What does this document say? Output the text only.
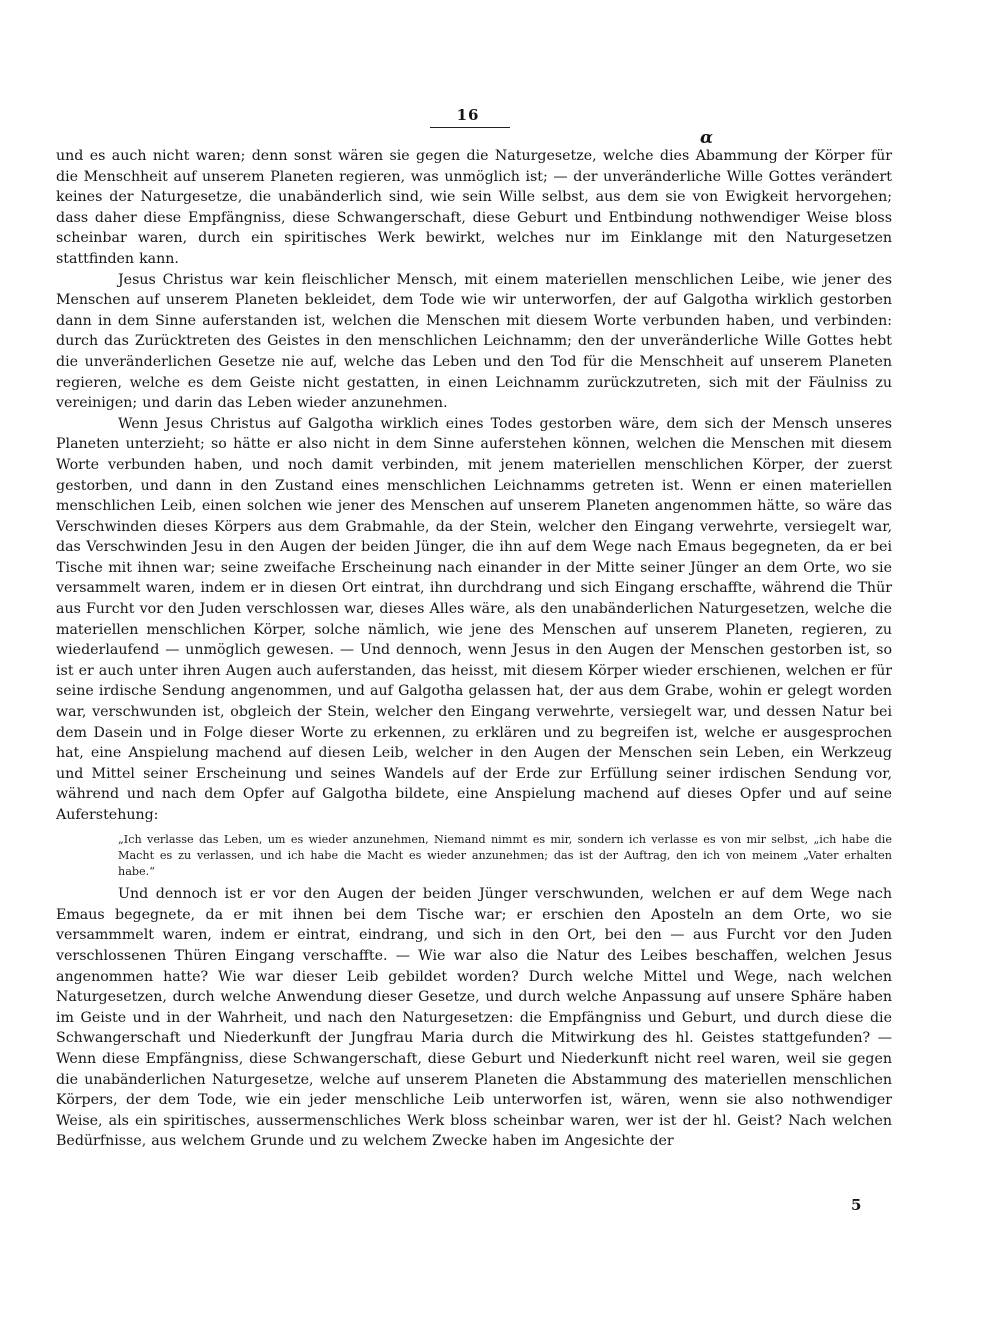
16
α

und es auch nicht waren; denn sonst wären sie gegen die Naturgesetze, welche dies Abammung der Körper für die Menschheit auf unserem Planeten regieren, was unmöglich ist; — der unveränderliche Wille Gottes verändert keines der Naturgesetze, die unabänderlich sind, wie sein Wille selbst, aus dem sie von Ewigkeit hervorgehen; dass daher diese Empfängniss, diese Schwangerschaft, diese Geburt und Entbindung nothwendiger Weise bloss scheinbar waren, durch ein spiritisches Werk bewirkt, welches nur im Einklange mit den Naturgesetzen stattfinden kann.

Jesus Christus war kein fleischlicher Mensch, mit einem materiellen menschlichen Leibe, wie jener des Menschen auf unserem Planeten bekleidet, dem Tode wie wir unterworfen, der auf Galgotha wirklich gestorben dann in dem Sinne auferstanden ist, welchen die Menschen mit diesem Worte verbunden haben, und verbinden: durch das Zurücktreten des Geistes in den menschlichen Leichnamm; den der unveränderliche Wille Gottes hebt die unveränderlichen Gesetze nie auf, welche das Leben und den Tod für die Menschheit auf unserem Planeten regieren, welche es dem Geiste nicht gestatten, in einen Leichnamm zurückzutreten, sich mit der Fäulniss zu vereinigen; und darin das Leben wieder anzunehmen.

Wenn Jesus Christus auf Galgotha wirklich eines Todes gestorben wäre, dem sich der Mensch unseres Planeten unterzieht; so hätte er also nicht in dem Sinne auferstehen können, welchen die Menschen mit diesem Worte verbunden haben, und noch damit verbinden, mit jenem materiellen menschlichen Körper, der zuerst gestorben, und dann in den Zustand eines menschlichen Leichnamms getreten ist. Wenn er einen materiellen menschlichen Leib, einen solchen wie jener des Menschen auf unserem Planeten angenommen hätte, so wäre das Verschwinden dieses Körpers aus dem Grabmahle, da der Stein, welcher den Eingang verwehrte, versiegelt war, das Verschwinden Jesu in den Augen der beiden Jünger, die ihn auf dem Wege nach Emaus begegneten, da er bei Tische mit ihnen war; seine zweifache Erscheinung nach einander in der Mitte seiner Jünger an dem Orte, wo sie versammelt waren, indem er in diesen Ort eintrat, ihn durchdrang und sich Eingang erschaffte, während die Thür aus Furcht vor den Juden verschlossen war, dieses Alles wäre, als den unabänderlichen Naturgesetzen, welche die materiellen menschlichen Körper, solche nämlich, wie jene des Menschen auf unserem Planeten, regieren, zu wiederlaufend — unmöglich gewesen. — Und dennoch, wenn Jesus in den Augen der Menschen gestorben ist, so ist er auch unter ihren Augen auch auferstanden, das heisst, mit diesem Körper wieder erschienen, welchen er für seine irdische Sendung angenommen, und auf Galgotha gelassen hat, der aus dem Grabe, wohin er gelegt worden war, verschwunden ist, obgleich der Stein, welcher den Eingang verwehrte, versiegelt war, und dessen Natur bei dem Dasein und in Folge dieser Worte zu erkennen, zu erklären und zu begreifen ist, welche er ausgesprochen hat, eine Anspielung machend auf diesen Leib, welcher in den Augen der Menschen sein Leben, ein Werkzeug und Mittel seiner Erscheinung und seines Wandels auf der Erde zur Erfüllung seiner irdischen Sendung vor, während und nach dem Opfer auf Galgotha bildete, eine Anspielung machend auf dieses Opfer und auf seine Auferstehung:

„Ich verlasse das Leben, um es wieder anzunehmen, Niemand nimmt es mir, sondern ich verlasse es von mir selbst, „ich habe die Macht es zu verlassen, und ich habe die Macht es wieder anzunehmen; das ist der Auftrag, den ich von meinem „Vater erhalten habe.“

Und dennoch ist er vor den Augen der beiden Jünger verschwunden, welchen er auf dem Wege nach Emaus begegnete, da er mit ihnen bei dem Tische war; er erschien den Aposteln an dem Orte, wo sie versammmelt waren, indem er eintrat, eindrang, und sich in den Ort, bei den — aus Furcht vor den Juden verschlossenen Thüren Eingang verschaffte. — Wie war also die Natur des Leibes beschaffen, welchen Jesus angenommen hatte? Wie war dieser Leib gebildet worden? Durch welche Mittel und Wege, nach welchen Naturgesetzen, durch welche Anwendung dieser Gesetze, und durch welche Anpassung auf unsere Sphäre haben im Geiste und in der Wahrheit, und nach den Naturgesetzen: die Empfängniss und Geburt, und durch diese die Schwangerschaft und Niederkunft der Jungfrau Maria durch die Mitwirkung des hl. Geistes stattgefunden? — Wenn diese Empfängniss, diese Schwangerschaft, diese Geburt und Niederkunft nicht reel waren, weil sie gegen die unabänderlichen Naturgesetze, welche auf unserem Planeten die Abstammung des materiellen menschlichen Körpers, der dem Tode, wie ein jeder menschliche Leib unterworfen ist, wären, wenn sie also nothwendiger Weise, als ein spiritisches, aussermenschliches Werk bloss scheinbar waren, wer ist der hl. Geist? Nach welchen Bedürfnisse, aus welchem Grunde und zu welchem Zwecke haben im Angesichte der

5
